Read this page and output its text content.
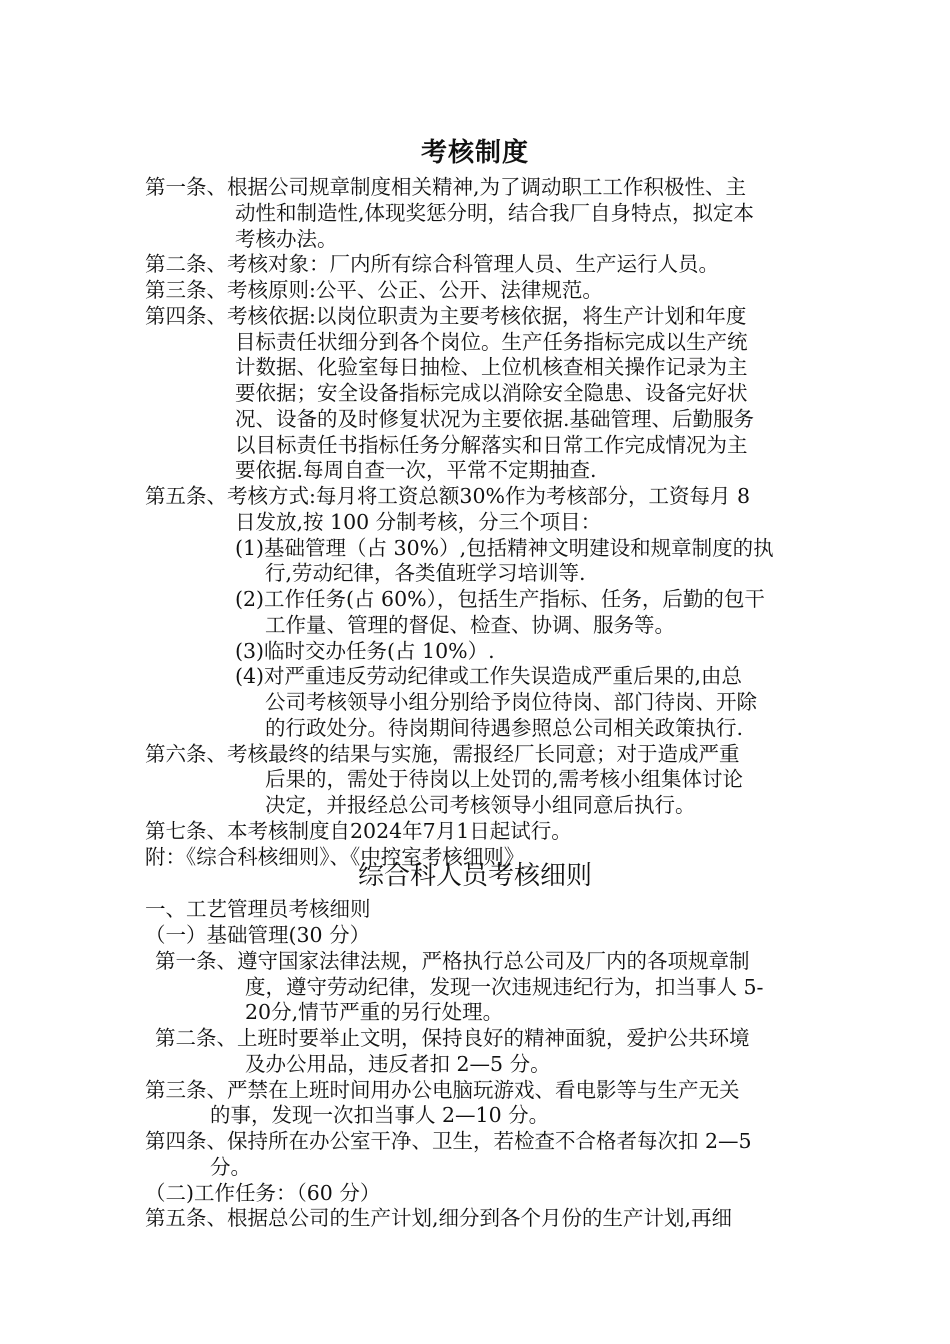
考核制度
第一条、根据公司规章制度相关精神,为了调动职工工作积极性、主
动性和制造性,体现奖惩分明，结合我厂自身特点，拟定本
考核办法。
第二条、考核对象：厂内所有综合科管理人员、生产运行人员。
第三条、考核原则:公平、公正、公开、法律规范。
第四条、考核依据:以岗位职责为主要考核依据，将生产计划和年度
目标责任状细分到各个岗位。生产任务指标完成以生产统
计数据、化验室每日抽检、上位机核查相关操作记录为主
要依据；安全设备指标完成以消除安全隐患、设备完好状
况、设备的及时修复状况为主要依据.基础管理、后勤服务
以目标责任书指标任务分解落实和日常工作完成情况为主
要依据.每周自查一次，平常不定期抽查.
第五条、考核方式:每月将工资总额30%作为考核部分，工资每月 8
日发放,按 100 分制考核，分三个项目：
(1)基础管理（占 30%）,包括精神文明建设和规章制度的执
行,劳动纪律，各类值班学习培训等.
(2)工作任务(占 60%），包括生产指标、任务，后勤的包干
工作量、管理的督促、检查、协调、服务等。
(3)临时交办任务(占 10%）.
(4)对严重违反劳动纪律或工作失误造成严重后果的,由总
公司考核领导小组分别给予岗位待岗、部门待岗、开除
的行政处分。待岗期间待遇参照总公司相关政策执行.
第六条、考核最终的结果与实施，需报经厂长同意；对于造成严重
后果的，需处于待岗以上处罚的,需考核小组集体讨论
决定，并报经总公司考核领导小组同意后执行。
第七条、本考核制度自2024年7月1日起试行。
附：《综合科核细则》、《中控室考核细则》
综合科人员考核细则
一、工艺管理员考核细则
（一）基础管理(30 分）
第一条、遵守国家法律法规，严格执行总公司及厂内的各项规章制
度，遵守劳动纪律，发现一次违规违纪行为，扣当事人 5-
20分,情节严重的另行处理。
第二条、上班时要举止文明，保持良好的精神面貌，爱护公共环境
及办公用品，违反者扣 2—5 分。
第三条、严禁在上班时间用办公电脑玩游戏、看电影等与生产无关
的事，发现一次扣当事人 2—10 分。
第四条、保持所在办公室干净、卫生，若检查不合格者每次扣 2—5
分。
（二)工作任务：（60 分）
第五条、根据总公司的生产计划,细分到各个月份的生产计划,再细
